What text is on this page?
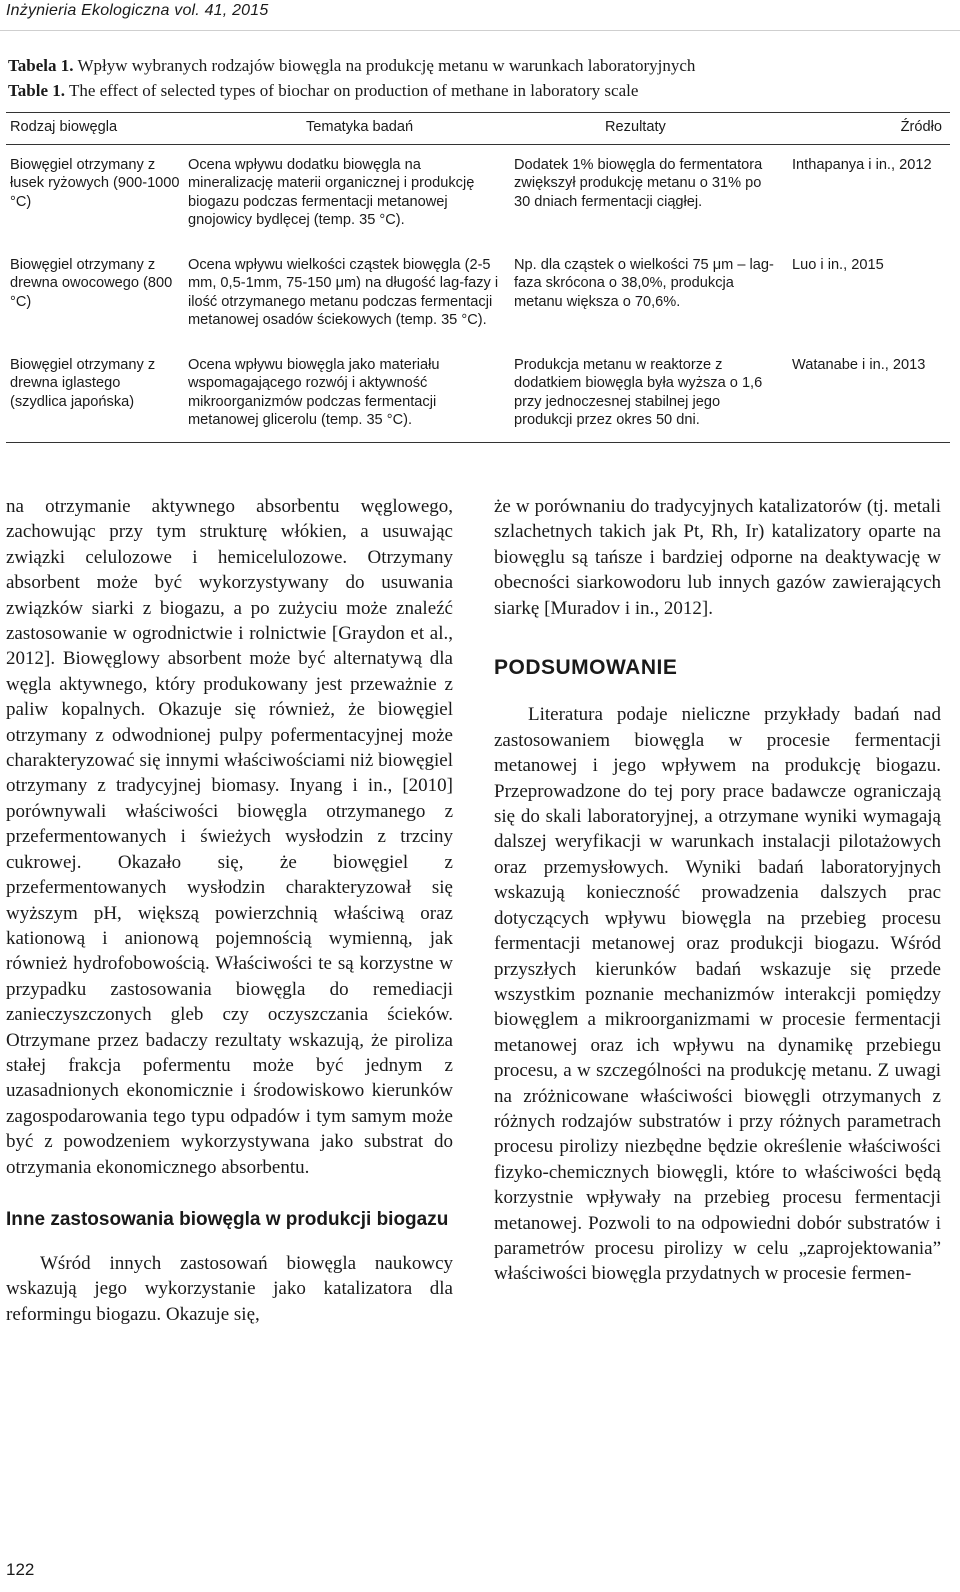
Inżynieria Ekologiczna vol. 41, 2015
Tabela 1. Wpływ wybranych rodzajów biowęgla na produkcję metanu w warunkach laboratoryjnych
Table 1. The effect of selected types of biochar on production of methane in laboratory scale
Rodzaj biowęgla	Tematyka badań	Rezultaty	Źródło
Biowęgiel otrzymany z łusek ryżowych (900-1000 °C)	Ocena wpływu dodatku biowęgla na mineralizację materii organicznej i produkcję biogazu podczas fermentacji metanowej gnojowicy bydlęcej (temp. 35 °C).	Dodatek 1% biowęgla do fermentatora zwiększył produkcję metanu o 31% po 30 dniach fermentacji ciągłej.	Inthapanya i in., 2012
Biowęgiel otrzymany z drewna owocowego (800 °C)	Ocena wpływu wielkości cząstek biowęgla (2-5 mm, 0,5-1mm, 75-150 μm) na długość lag-fazy i ilość otrzymanego metanu podczas fermentacji metanowej osadów ściekowych (temp. 35 °C).	Np. dla cząstek o wielkości 75 μm – lag-faza skrócona o 38,0%, produkcja metanu większa o 70,6%.	Luo i in., 2015
Biowęgiel otrzymany z drewna iglastego (szydlica japońska)	Ocena wpływu biowęgla jako materiału wspomagającego rozwój i aktywność mikroorganizmów podczas fermentacji metanowej glicerolu (temp. 35 °C).	Produkcja metanu w reaktorze z dodatkiem biowęgla była wyższa o 1,6 przy jednoczesnej stabilnej jego produkcji przez okres 50 dni.	Watanabe i in., 2013

na otrzymanie aktywnego absorbentu węglowego, zachowując przy tym strukturę włókien, a usuwając związki celulozowe i hemicelulozowe. Otrzymany absorbent może być wykorzystywany do usuwania związków siarki z biogazu, a po zużyciu może znaleźć zastosowanie w ogrodnictwie i rolnictwie [Graydon et al., 2012]. Biowęglowy absorbent może być alternatywą dla węgla aktywnego, który produkowany jest przeważnie z paliw kopalnych. Okazuje się również, że biowęgiel otrzymany z odwodnionej pulpy pofermentacyjnej może charakteryzować się innymi właściwościami niż biowęgiel otrzymany z tradycyjnej biomasy. Inyang i in., [2010] porównywali właściwości biowęgla otrzymanego z przefermentowanych i świeżych wysłodzin z trzciny cukrowej. Okazało się, że biowęgiel z przefermentowanych wysłodzin charakteryzował się wyższym pH, większą powierzchnią właściwą oraz kationową i anionową pojemnością wymienną, jak również hydrofobowością. Właściwości te są korzystne w przypadku zastosowania biowęgla do remediacji zanieczyszczonych gleb czy oczyszczania ścieków. Otrzymane przez badaczy rezultaty wskazują, że piroliza stałej frakcja pofermentu może być jednym z uzasadnionych ekonomicznie i środowiskowo kierunków zagospodarowania tego typu odpadów i tym samym może być z powodzeniem wykorzystywana jako substrat do otrzymania ekonomicznego absorbentu.

Inne zastosowania biowęgla w produkcji biogazu

Wśród innych zastosowań biowęgla naukowcy wskazują jego wykorzystanie jako katalizatora dla reformingu biogazu. Okazuje się,

że w porównaniu do tradycyjnych katalizatorów (tj. metali szlachetnych takich jak Pt, Rh, Ir) katalizatory oparte na biowęglu są tańsze i bardziej odporne na deaktywację w obecności siarkowodoru lub innych gazów zawierających siarkę [Muradov i in., 2012].

PODSUMOWANIE

Literatura podaje nieliczne przykłady badań nad zastosowaniem biowęgla w procesie fermentacji metanowej i jego wpływem na produkcję biogazu. Przeprowadzone do tej pory prace badawcze ograniczają się do skali laboratoryjnej, a otrzymane wyniki wymagają dalszej weryfikacji w warunkach instalacji pilotażowych oraz przemysłowych. Wyniki badań laboratoryjnych wskazują konieczność prowadzenia dalszych prac dotyczących wpływu biowęgla na przebieg procesu fermentacji metanowej oraz produkcji biogazu. Wśród przyszłych kierunków badań wskazuje się przede wszystkim poznanie mechanizmów interakcji pomiędzy biowęglem a mikroorganizmami w procesie fermentacji metanowej oraz ich wpływu na dynamikę przebiegu procesu, a w szczególności na produkcję metanu. Z uwagi na zróżnicowane właściwości biowęgli otrzymanych z różnych rodzajów substratów i przy różnych parametrach procesu pirolizy niezbędne będzie określenie właściwości fizyko-chemicznych biowęgli, które to właściwości będą korzystnie wpływały na przebieg procesu fermentacji metanowej. Pozwoli to na odpowiedni dobór substratów i parametrów procesu pirolizy w celu „zaprojektowania” właściwości biowęgla przydatnych w procesie fermen-

122
